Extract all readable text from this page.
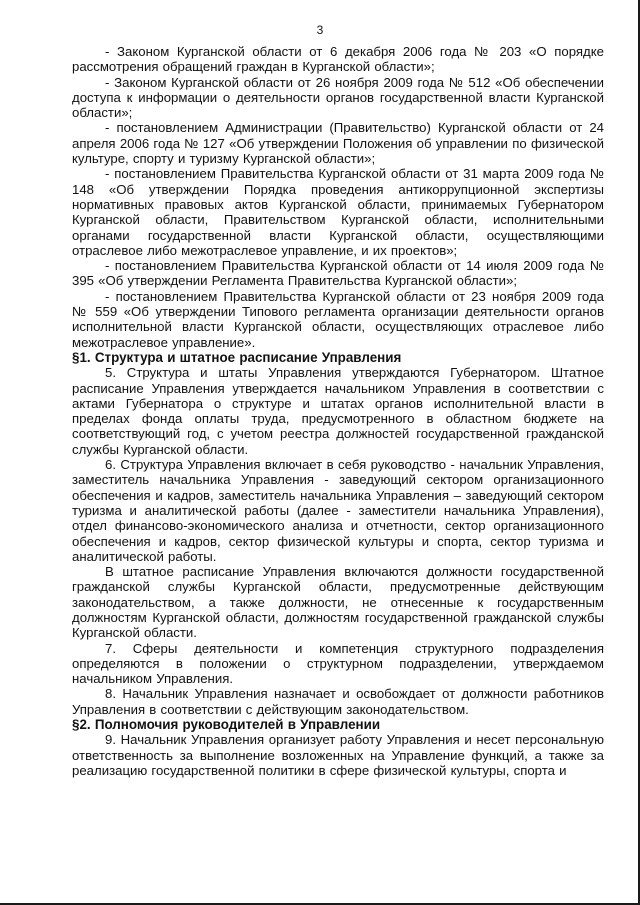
3

- Законом Курганской области от 6 декабря 2006 года № 203 «О порядке рассмотрения обращений граждан в Курганской области»;

- Законом Курганской области от 26 ноября 2009 года № 512 «Об обеспечении доступа к информации о деятельности органов государственной власти Курганской области»;

- постановлением Администрации (Правительство) Курганской области от 24 апреля 2006 года № 127 «Об утверждении Положения об управлении по физической культуре, спорту и туризму Курганской области»;

- постановлением Правительства Курганской области от 31 марта 2009 года № 148 «Об утверждении Порядка проведения антикоррупционной экспертизы нормативных правовых актов Курганской области, принимаемых Губернатором Курганской области, Правительством Курганской области, исполнительными органами государственной власти Курганской области, осуществляющими отраслевое либо межотраслевое управление, и их проектов»;

- постановлением Правительства Курганской области от 14 июля 2009 года № 395 «Об утверждении Регламента Правительства Курганской области»;

- постановлением Правительства Курганской области от 23 ноября 2009 года № 559 «Об утверждении Типового регламента организации деятельности органов исполнительной власти Курганской области, осуществляющих отраслевое либо межотраслевое управление».

§1. Структура и штатное расписание Управления

5. Структура и штаты Управления утверждаются Губернатором. Штатное расписание Управления утверждается начальником Управления в соответствии с актами Губернатора о структуре и штатах органов исполнительной власти в пределах фонда оплаты труда, предусмотренного в областном бюджете на соответствующий год, с учетом реестра должностей государственной гражданской службы Курганской области.

6. Структура Управления включает в себя руководство - начальник Управления, заместитель начальника Управления - заведующий сектором организационного обеспечения и кадров, заместитель начальника Управления – заведующий сектором туризма и аналитической работы (далее - заместители начальника Управления), отдел финансово-экономического анализа и отчетности, сектор организационного обеспечения и кадров, сектор физической культуры и спорта, сектор туризма и аналитической работы.

В штатное расписание Управления включаются должности государственной гражданской службы Курганской области, предусмотренные действующим законодательством, а также должности, не отнесенные к государственным должностям Курганской области, должностям государственной гражданской службы Курганской области.

7. Сферы деятельности и компетенция структурного подразделения определяются в положении о структурном подразделении, утверждаемом начальником Управления.

8. Начальник Управления назначает и освобождает от должности работников Управления в соответствии с действующим законодательством.

§2. Полномочия руководителей в Управлении

9. Начальник Управления организует работу Управления и несет персональную ответственность за выполнение возложенных на Управление функций, а также за реализацию государственной политики в сфере физической культуры, спорта и
